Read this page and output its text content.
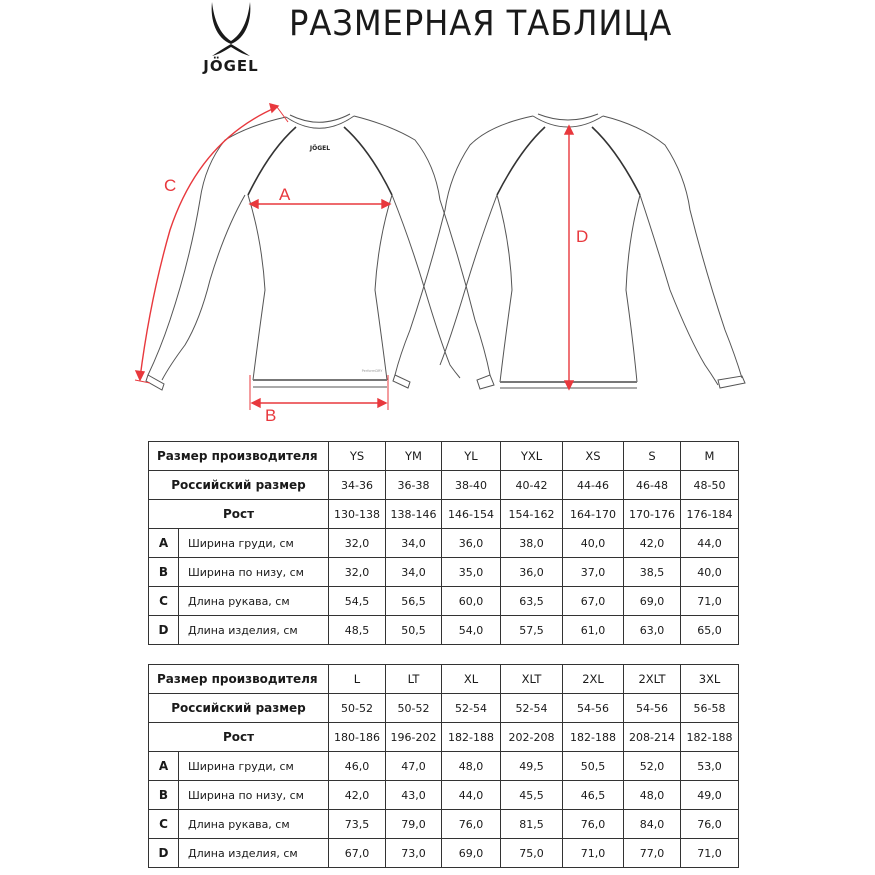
JÖGEL
РАЗМЕРНАЯ ТАБЛИЦА
JÖGEL
PerformDRY
A
B
C
D
Размер производителя		YS	YM	YL	YXL	XS	S	M
Российский размер		34-36	36-38	38-40	40-42	44-46	46-48	48-50
Рост		130-138	138-146	146-154	154-162	164-170	170-176	176-184
A	Ширина груди, см	32,0	34,0	36,0	38,0	40,0	42,0	44,0
B	Ширина по низу, см	32,0	34,0	35,0	36,0	37,0	38,5	40,0
C	Длина рукава, см	54,5	56,5	60,0	63,5	67,0	69,0	71,0
D	Длина изделия, см	48,5	50,5	54,0	57,5	61,0	63,0	65,0
Размер производителя		L	LT	XL	XLT	2XL	2XLT	3XL
Российский размер		50-52	50-52	52-54	52-54	54-56	54-56	56-58
Рост		180-186	196-202	182-188	202-208	182-188	208-214	182-188
A	Ширина груди, см	46,0	47,0	48,0	49,5	50,5	52,0	53,0
B	Ширина по низу, см	42,0	43,0	44,0	45,5	46,5	48,0	49,0
C	Длина рукава, см	73,5	79,0	76,0	81,5	76,0	84,0	76,0
D	Длина изделия, см	67,0	73,0	69,0	75,0	71,0	77,0	71,0
